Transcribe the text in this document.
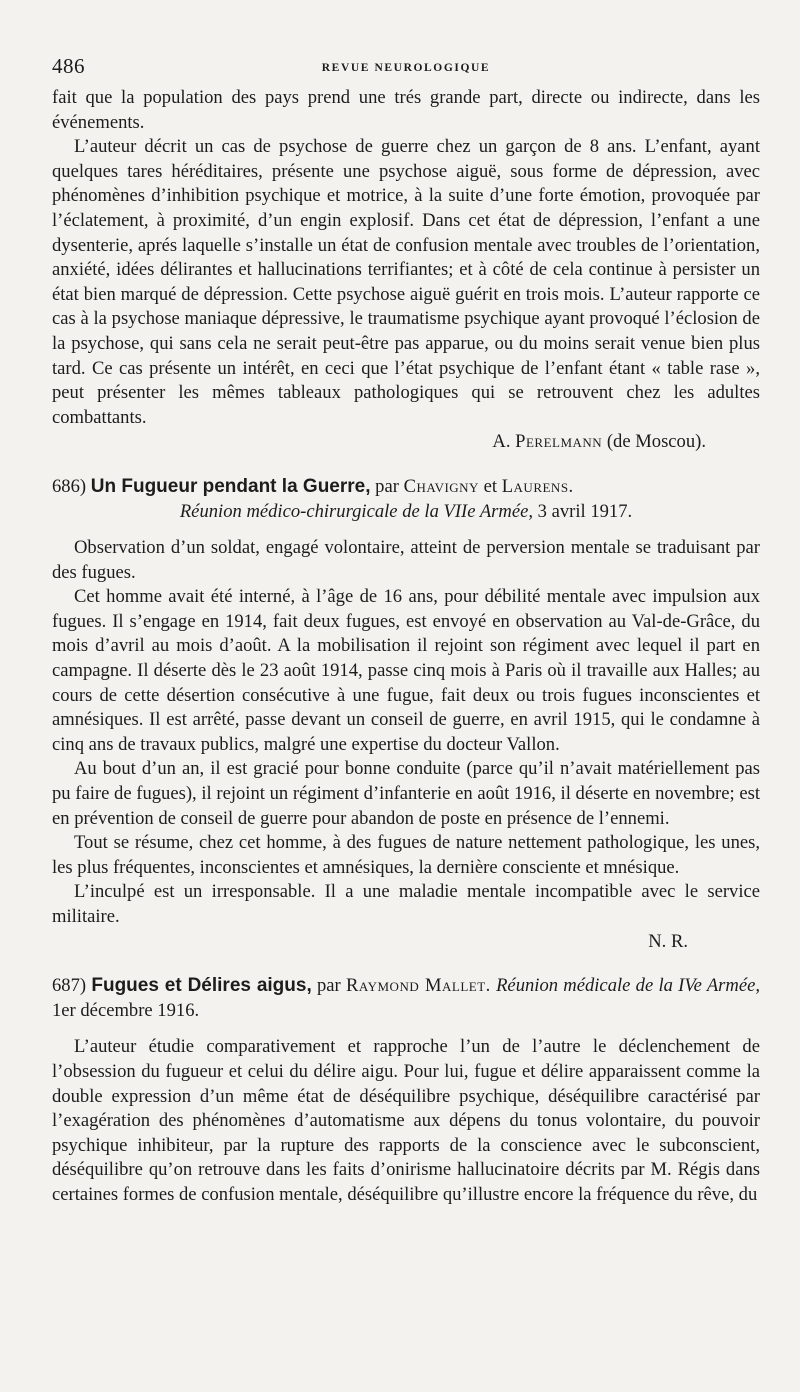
486	REVUE NEUROLOGIQUE

fait que la population des pays prend une trés grande part, directe ou indirecte, dans les événements.

L’auteur décrit un cas de psychose de guerre chez un garçon de 8 ans. L’enfant, ayant quelques tares héréditaires, présente une psychose aiguë, sous forme de dépression, avec phénomènes d’inhibition psychique et motrice, à la suite d’une forte émotion, provoquée par l’éclatement, à proximité, d’un engin explosif. Dans cet état de dépression, l’enfant a une dysenterie, aprés laquelle s’installe un état de confusion mentale avec troubles de l’orientation, anxiété, idées délirantes et hallucinations terrifiantes; et à côté de cela continue à persister un état bien marqué de dépression. Cette psychose aiguë guérit en trois mois. L’auteur rapporte ce cas à la psychose maniaque dépressive, le traumatisme psychique ayant provoqué l’éclosion de la psychose, qui sans cela ne serait peut-être pas apparue, ou du moins serait venue bien plus tard. Ce cas présente un intérêt, en ceci que l’état psychique de l’enfant étant « table rase », peut présenter les mêmes tableaux pathologiques qui se retrouvent chez les adultes combattants.

A. Perelmann (de Moscou).
686) Un Fugueur pendant la Guerre, par Chavigny et Laurens.
Réunion médico-chirurgicale de la VIIe Armée, 3 avril 1917.

Observation d’un soldat, engagé volontaire, atteint de perversion mentale se traduisant par des fugues.

Cet homme avait été interné, à l’âge de 16 ans, pour débilité mentale avec impulsion aux fugues. Il s’engage en 1914, fait deux fugues, est envoyé en observation au Val-de-Grâce, du mois d’avril au mois d’août. A la mobilisation il rejoint son régiment avec lequel il part en campagne. Il déserte dès le 23 août 1914, passe cinq mois à Paris où il travaille aux Halles; au cours de cette désertion consécutive à une fugue, fait deux ou trois fugues inconscientes et amnésiques. Il est arrêté, passe devant un conseil de guerre, en avril 1915, qui le condamne à cinq ans de travaux publics, malgré une expertise du docteur Vallon.

Au bout d’un an, il est gracié pour bonne conduite (parce qu’il n’avait matériellement pas pu faire de fugues), il rejoint un régiment d’infanterie en août 1916, il déserte en novembre; est en prévention de conseil de guerre pour abandon de poste en présence de l’ennemi.

Tout se résume, chez cet homme, à des fugues de nature nettement pathologique, les unes, les plus fréquentes, inconscientes et amnésiques, la dernière consciente et mnésique.

L’inculpé est un irresponsable. Il a une maladie mentale incompatible avec le service militaire.

N. R.
687) Fugues et Délires aigus, par Raymond Mallet. Réunion médicale de la IVe Armée, 1er décembre 1916.

L’auteur étudie comparativement et rapproche l’un de l’autre le déclenchement de l’obsession du fugueur et celui du délire aigu. Pour lui, fugue et délire apparaissent comme la double expression d’un même état de déséquilibre psychique, déséquilibre caractérisé par l’exagération des phénomènes d’automatisme aux dépens du tonus volontaire, du pouvoir psychique inhibiteur, par la rupture des rapports de la conscience avec le subconscient, déséquilibre qu’on retrouve dans les faits d’onirisme hallucinatoire décrits par M. Régis dans certaines formes de confusion mentale, déséquilibre qu’illustre encore la fréquence du rêve, du
